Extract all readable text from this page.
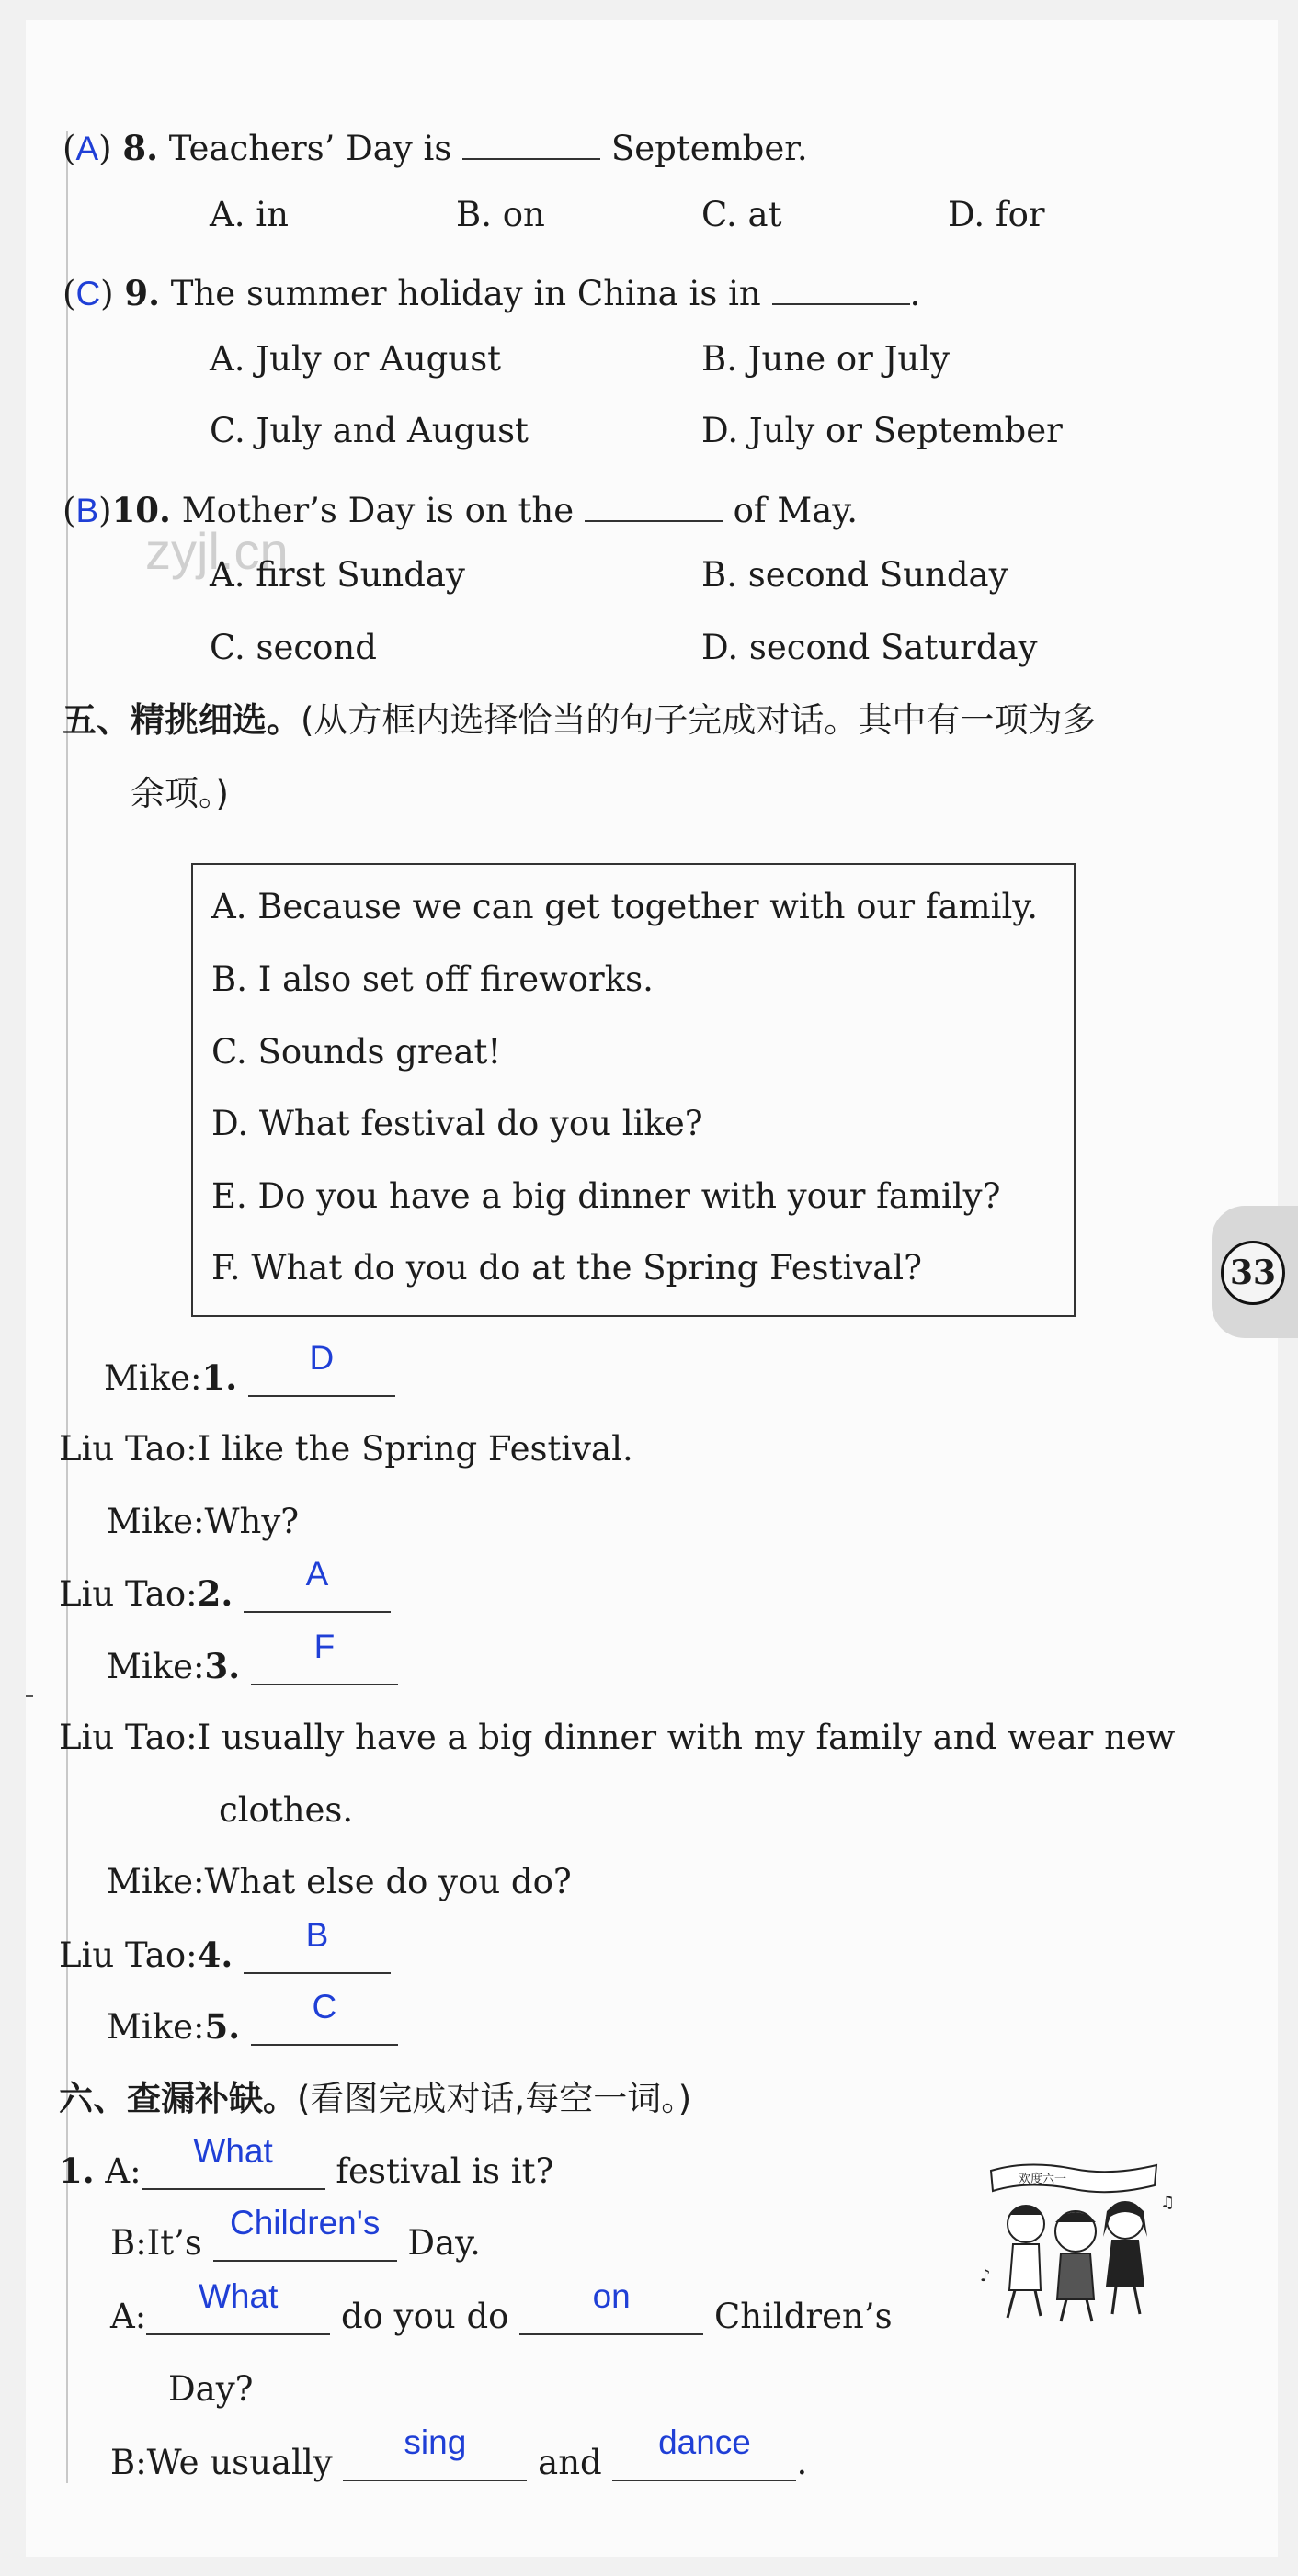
zyjl.cn
(A) 8. Teachers’ Day is	September.
A. in	B. on	C. at	D. for
(C) 9. The summer holiday in China is in	.
A. July or August	B. June or July
C. July and August	D. July or September
(B)10. Mother’s Day is on the	of May.
A. first Sunday	B. second Sunday
C. second	D. second Saturday
五、精挑细选。(从方框内选择恰当的句子完成对话。其中有一项为多
余项。)
A. Because we can get together with our family.
B. I also set off fireworks.
C. Sounds great!
D. What festival do you like?
E. Do you have a big dinner with your family?
F. What do you do at the Spring Festival?
Mike:1. D
Liu Tao:I like the Spring Festival.
Mike:Why?
Liu Tao:2. A
Mike:3. F
Liu Tao:I usually have a big dinner with my family and wear new
clothes.
Mike:What else do you do?
Liu Tao:4. B
Mike:5. C
六、查漏补缺。(看图完成对话,每空一词。)
1. A:What festival is it?
B:It’s Children's Day.
A:What do you do on Children’s
Day?
B:We usually sing and dance.
欢度六一
♪
♫
33
